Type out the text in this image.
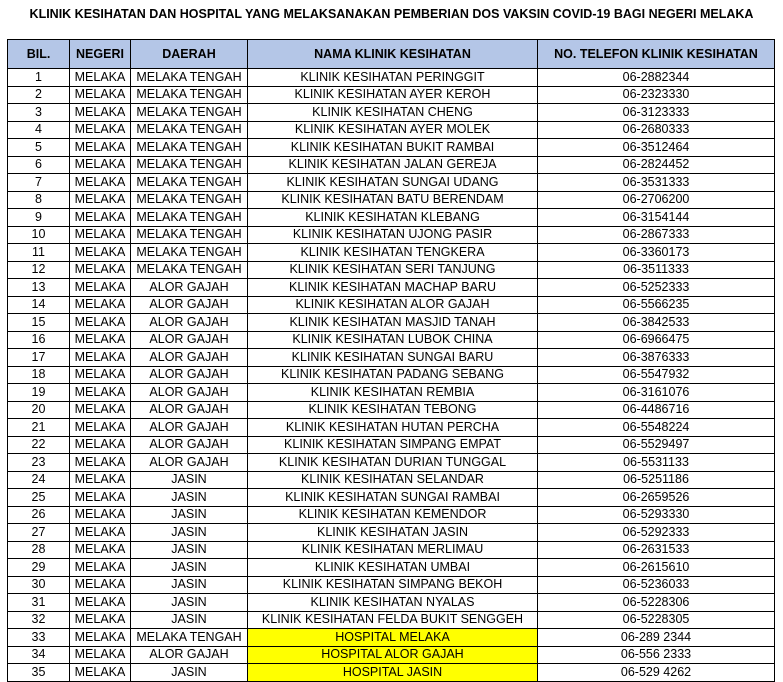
KLINIK KESIHATAN DAN HOSPITAL YANG MELAKSANAKAN PEMBERIAN DOS VAKSIN COVID-19 BAGI NEGERI MELAKA
BIL.	NEGERI	DAERAH	NAMA KLINIK KESIHATAN	NO. TELEFON KLINIK KESIHATAN
1	MELAKA	MELAKA TENGAH	KLINIK KESIHATAN PERINGGIT	06-2882344
2	MELAKA	MELAKA TENGAH	KLINIK KESIHATAN AYER KEROH	06-2323330
3	MELAKA	MELAKA TENGAH	KLINIK KESIHATAN CHENG	06-3123333
4	MELAKA	MELAKA TENGAH	KLINIK KESIHATAN AYER MOLEK	06-2680333
5	MELAKA	MELAKA TENGAH	KLINIK KESIHATAN BUKIT RAMBAI	06-3512464
6	MELAKA	MELAKA TENGAH	KLINIK KESIHATAN JALAN GEREJA	06-2824452
7	MELAKA	MELAKA TENGAH	KLINIK KESIHATAN SUNGAI UDANG	06-3531333
8	MELAKA	MELAKA TENGAH	KLINIK KESIHATAN BATU BERENDAM	06-2706200
9	MELAKA	MELAKA TENGAH	KLINIK KESIHATAN KLEBANG	06-3154144
10	MELAKA	MELAKA TENGAH	KLINIK KESIHATAN UJONG PASIR	06-2867333
11	MELAKA	MELAKA TENGAH	KLINIK KESIHATAN TENGKERA	06-3360173
12	MELAKA	MELAKA TENGAH	KLINIK KESIHATAN SERI TANJUNG	06-3511333
13	MELAKA	ALOR GAJAH	KLINIK KESIHATAN MACHAP BARU	06-5252333
14	MELAKA	ALOR GAJAH	KLINIK KESIHATAN ALOR GAJAH	06-5566235
15	MELAKA	ALOR GAJAH	KLINIK KESIHATAN MASJID TANAH	06-3842533
16	MELAKA	ALOR GAJAH	KLINIK KESIHATAN LUBOK CHINA	06-6966475
17	MELAKA	ALOR GAJAH	KLINIK KESIHATAN SUNGAI BARU	06-3876333
18	MELAKA	ALOR GAJAH	KLINIK KESIHATAN PADANG SEBANG	06-5547932
19	MELAKA	ALOR GAJAH	KLINIK KESIHATAN REMBIA	06-3161076
20	MELAKA	ALOR GAJAH	KLINIK KESIHATAN TEBONG	06-4486716
21	MELAKA	ALOR GAJAH	KLINIK KESIHATAN HUTAN PERCHA	06-5548224
22	MELAKA	ALOR GAJAH	KLINIK KESIHATAN SIMPANG EMPAT	06-5529497
23	MELAKA	ALOR GAJAH	KLINIK KESIHATAN DURIAN TUNGGAL	06-5531133
24	MELAKA	JASIN	KLINIK KESIHATAN SELANDAR	06-5251186
25	MELAKA	JASIN	KLINIK KESIHATAN SUNGAI RAMBAI	06-2659526
26	MELAKA	JASIN	KLINIK KESIHATAN KEMENDOR	06-5293330
27	MELAKA	JASIN	KLINIK KESIHATAN JASIN	06-5292333
28	MELAKA	JASIN	KLINIK KESIHATAN MERLIMAU	06-2631533
29	MELAKA	JASIN	KLINIK KESIHATAN UMBAI	06-2615610
30	MELAKA	JASIN	KLINIK KESIHATAN SIMPANG BEKOH	06-5236033
31	MELAKA	JASIN	KLINIK KESIHATAN NYALAS	06-5228306
32	MELAKA	JASIN	KLINIK KESIHATAN FELDA BUKIT SENGGEH	06-5228305
33	MELAKA	MELAKA TENGAH	HOSPITAL MELAKA	06-289 2344
34	MELAKA	ALOR GAJAH	HOSPITAL ALOR GAJAH	06-556 2333
35	MELAKA	JASIN	HOSPITAL JASIN	06-529 4262
